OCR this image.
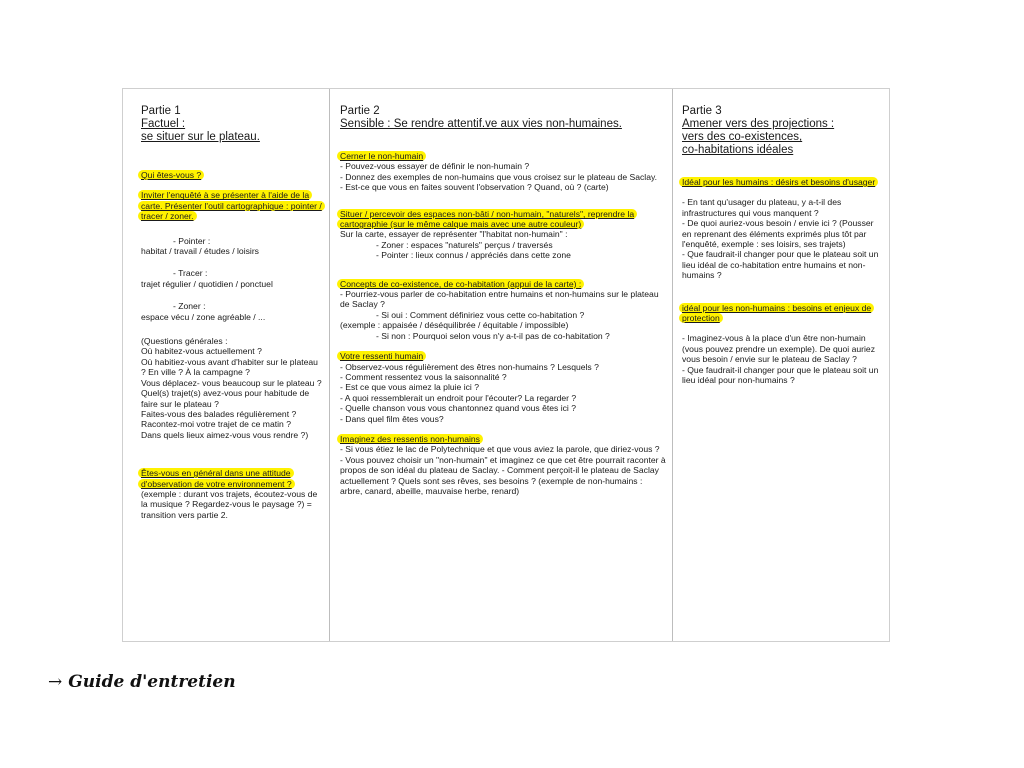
Partie 1
Factuel :
se situer sur le plateau.
Qui êtes-vous ?
Inviter l'enquêté à se présenter à l'aide de la carte. Présenter l'outil cartographique : pointer / tracer / zoner.
- Pointer :
habitat / travail / études / loisirs
- Tracer :
trajet régulier / quotidien / ponctuel
- Zoner :
espace vécu / zone agréable / ...
(Questions générales :
Où habitez-vous actuellement ?
Où habitiez-vous avant d'habiter sur le plateau ? En ville ? À la campagne ?
Vous déplacez- vous beaucoup sur le plateau ?
Quel(s) trajet(s) avez-vous pour habitude de faire sur le plateau ?
Faites-vous des balades régulièrement ? Racontez-moi votre trajet de ce matin ?
Dans quels lieux aimez-vous vous rendre ?)
Êtes-vous en général dans une attitude d'observation de votre environnement ? (exemple : durant vos trajets, écoutez-vous de la musique ? Regardez-vous le paysage ?) = transition vers partie 2.
Partie 2
Sensible : Se rendre attentif.ve aux vies non-humaines.
Cerner le non-humain
- Pouvez-vous essayer de définir le non-humain ?
- Donnez des exemples de non-humains que vous croisez sur le plateau de Saclay.
- Est-ce que vous en faites souvent l'observation ? Quand, où ? (carte)
Situer / percevoir des espaces non-bâti / non-humain, "naturels", reprendre la cartographie (sur le même calque mais avec une autre couleur)
Sur la carte, essayer de représenter "l'habitat non-humain" :
- Zoner : espaces "naturels" perçus / traversés
- Pointer : lieux connus / appréciés dans cette zone
Concepts de co-existence, de co-habitation (appui de la carte) :
- Pourriez-vous parler de co-habitation entre humains et non-humains sur le plateau de Saclay ?
- Si oui : Comment définiriez vous cette co-habitation ?
(exemple : appaisée / déséquilibrée / équitable / impossible)
- Si non : Pourquoi selon vous n'y a-t-il pas de co-habitation ?
Votre ressenti humain
- Observez-vous régulièrement des êtres non-humains ? Lesquels ?
- Comment ressentez vous la saisonnalité ?
- Est ce que vous aimez la pluie ici ?
- A quoi ressemblerait un endroit pour l'écouter? La regarder ?
- Quelle chanson vous vous chantonnez quand vous êtes ici ?
- Dans quel film êtes vous?
Imaginez des ressentis non-humains
- Si vous étiez le lac de Polytechnique et que vous aviez la parole, que diriez-vous ?
- Vous pouvez choisir un "non-humain" et imaginez ce que cet être pourrait raconter à propos de son idéal du plateau de Saclay. - Comment perçoit-il le plateau de Saclay actuellement ? Quels sont ses rêves, ses besoins ? (exemple de non-humains : arbre, canard, abeille, mauvaise herbe, renard)
Partie 3
Amener vers des projections :
vers des co-existences,
co-habitations idéales
Idéal pour les humains : désirs et besoins d'usager
- En tant qu'usager du plateau, y a-t-il des infrastructures qui vous manquent ?
- De quoi auriez-vous besoin / envie ici ? (Pousser en reprenant des éléments exprimés plus tôt par l'enquêté, exemple : ses loisirs, ses trajets)
- Que faudrait-il changer pour que le plateau soit un lieu idéal de co-habitation entre humains et non-humains ?
idéal pour les non-humains : besoins et enjeux de protection
- Imaginez-vous à la place d'un être non-humain (vous pouvez prendre un exemple). De quoi auriez vous besoin / envie sur le plateau de Saclay ?
- Que faudrait-il changer pour que le plateau soit un lieu idéal pour non-humains ?
→ Guide d'entretien
